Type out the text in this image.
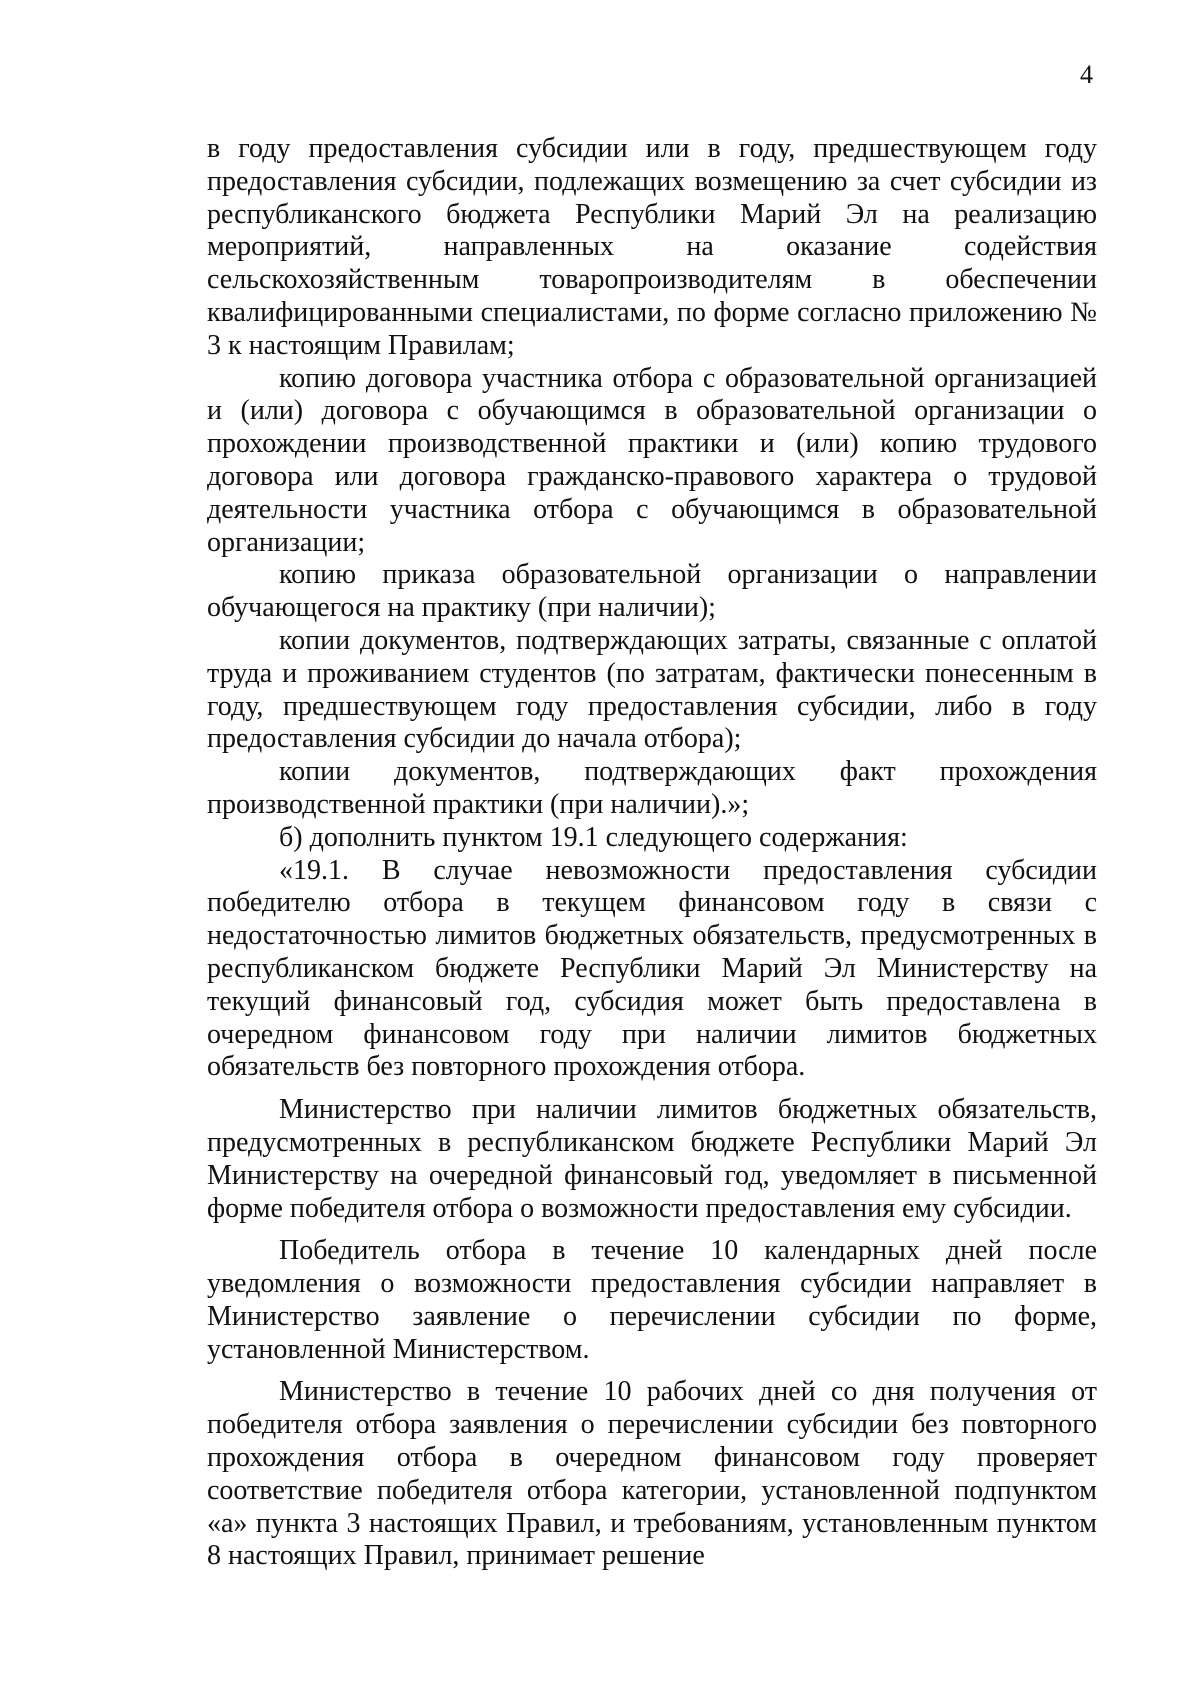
4

в году предоставления субсидии или в году, предшествующем году предоставления субсидии, подлежащих возмещению за счет субсидии из республиканского бюджета Республики Марий Эл на реализацию мероприятий, направленных на оказание содействия сельскохозяйственным товаропроизводителям в обеспечении квалифицированными специалистами, по форме согласно приложению № 3 к настоящим Правилам;

копию договора участника отбора с образовательной организацией и (или) договора с обучающимся в образовательной организации о прохождении производственной практики и (или) копию трудового договора или договора гражданско-правового характера о трудовой деятельности участника отбора с обучающимся в образовательной организации;

копию приказа образовательной организации о направлении обучающегося на практику (при наличии);

копии документов, подтверждающих затраты, связанные с оплатой труда и проживанием студентов (по затратам, фактически понесенным в году, предшествующем году предоставления субсидии, либо в году предоставления субсидии до начала отбора);

копии документов, подтверждающих факт прохождения производственной практики (при наличии).»;

б) дополнить пунктом 19.1 следующего содержания:

«19.1. В случае невозможности предоставления субсидии победителю отбора в текущем финансовом году в связи с недостаточностью лимитов бюджетных обязательств, предусмотренных в республиканском бюджете Республики Марий Эл Министерству на текущий финансовый год, субсидия может быть предоставлена в очередном финансовом году при наличии лимитов бюджетных обязательств без повторного прохождения отбора.

Министерство при наличии лимитов бюджетных обязательств, предусмотренных в республиканском бюджете Республики Марий Эл Министерству на очередной финансовый год, уведомляет в письменной форме победителя отбора о возможности предоставления ему субсидии.

Победитель отбора в течение 10 календарных дней после уведомления о возможности предоставления субсидии направляет в Министерство заявление о перечислении субсидии по форме, установленной Министерством.

Министерство в течение 10 рабочих дней со дня получения от победителя отбора заявления о перечислении субсидии без повторного прохождения отбора в очередном финансовом году проверяет соответствие победителя отбора категории, установленной подпунктом «а» пункта 3 настоящих Правил, и требованиям, установленным пунктом 8 настоящих Правил, принимает решение
